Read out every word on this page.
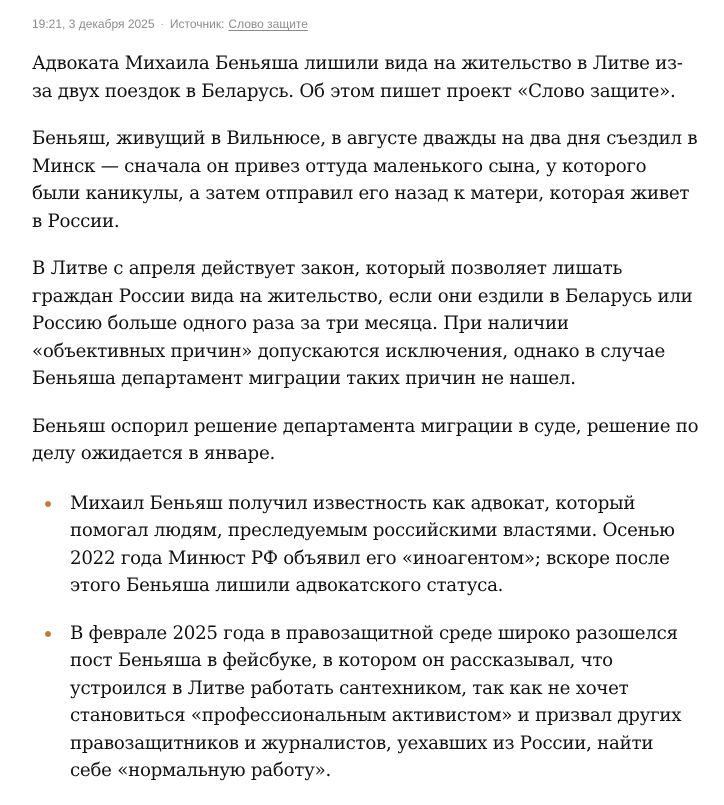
19:21, 3 декабря 2025 · Источник: Слово защите

Адвоката Михаила Беньяша лишили вида на жительство в Литве из-за двух поездок в Беларусь. Об этом пишет проект «Слово защите».

Беньяш, живущий в Вильнюсе, в августе дважды на два дня съездил в Минск — сначала он привез оттуда маленького сына, у которого были каникулы, а затем отправил его назад к матери, которая живет в России.

В Литве с апреля действует закон, который позволяет лишать граждан России вида на жительство, если они ездили в Беларусь или Россию больше одного раза за три месяца. При наличии «объективных причин» допускаются исключения, однако в случае Беньяша департамент миграции таких причин не нашел.

Беньяш оспорил решение департамента миграции в суде, решение по делу ожидается в январе.

Михаил Беньяш получил известность как адвокат, который помогал людям, преследуемым российскими властями. Осенью 2022 года Минюст РФ объявил его «иноагентом»; вскоре после этого Беньяша лишили адвокатского статуса.
В феврале 2025 года в правозащитной среде широко разошелся пост Беньяша в фейсбуке, в котором он рассказывал, что устроился в Литве работать сантехником, так как не хочет становиться «профессиональным активистом» и призвал других правозащитников и журналистов, уехавших из России, найти себе «нормальную работу».
